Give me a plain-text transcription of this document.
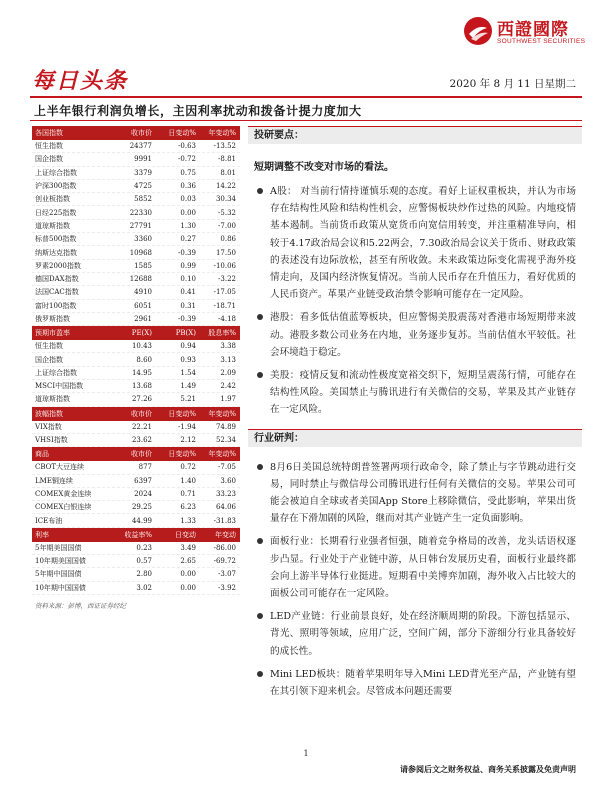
西證國際
SOUTHWEST SECURITIES
每日头条	2020 年 8 月 11 日星期二
上半年银行利润负增长，主因利率扰动和拨备计提力度加大
各国指数	收市价	日变动%	年变动%
恒生指数	24377	-0.63	-13.52
国企指数	9991	-0.72	-8.81
上证综合指数	3379	0.75	8.01
沪深300指数	4725	0.36	14.22
创业板指数	5852	0.03	30.34
日经225指数	22330	0.00	-5.32
道琼斯指数	27791	1.30	-7.00
标普500指数	3360	0.27	0.86
纳斯达克指数	10968	-0.39	17.50
罗素2000指数	1585	0.99	-10.06
德国DAX指数	12688	0.10	-3.22
法国CAC指数	4910	0.41	-17.05
富时100指数	6051	0.31	-18.71
俄罗斯指数	2961	-0.39	-4.18
预期市盈率	PE(X)	PB(X)	股息率%
恒生指数	10.43	0.94	3.38
国企指数	8.60	0.93	3.13
上证综合指数	14.95	1.54	2.09
MSCI中国指数	13.68	1.49	2.42
道琼斯指数	27.26	5.21	1.97
波幅指数	收市价	日变动%	年变动%
VIX指数	22.21	-1.94	74.89
VHSI指数	23.62	2.12	52.34
商品	收市价	日变动%	年变动%
CBOT大豆连续	877	0.72	-7.05
LME铜连续	6397	1.40	3.60
COMEX黄金连续	2024	0.71	33.23
COMEX白银连续	29.25	6.23	64.06
ICE布油	44.99	1.33	-31.83
利率	收益率%	日变动	年变动
5年期美国国债	0.23	3.49	-86.00
10年期美国国债	0.57	2.65	-69.72
5年期中国国债	2.80	0.00	-3.07
10年期中国国债	3.02	0.00	-3.92
资料来源：彭博，西证证券经纪
投研要点：
短期调整不改变对市场的看法。
A股： 对当前行情持谨慎乐观的态度。看好上证权重板块，并认为市场存在结构性风险和结构性机会，应警惕板块炒作过热的风险。内地疫情基本遏制。当前货币政策从宽货币向宽信用转变，并注重精准导向，相较于4.17政治局会议和5.22两会，7.30政治局会议关于货币、财政政策的表述没有边际放松，甚至有所收敛。未来政策边际变化需视乎海外疫情走向，及国内经济恢复情况。当前人民币存在升值压力，看好优质的人民币资产。革果产业链受政治禁令影响可能存在一定风险。
港股：看多低估值蓝筹板块，但应警惕美股震荡对香港市场短期带来波动。港股多数公司业务在内地，业务逐步复苏。当前估值水平较低。社会环境趋于稳定。
美股：疫情反复和流动性极度宽裕交织下，短期呈震荡行情，可能存在结构性风险。美国禁止与腾讯进行有关微信的交易，苹果及其产业链存在一定风险。
行业研判：
8月6日美国总统特朗普签署两项行政命令，除了禁止与字节跳动进行交易，同时禁止与微信母公司腾讯进行任何有关微信的交易。苹果公司可能会被迫自全球或者美国App Store上移除微信，受此影响，苹果出货量存在下滑加剧的风险，继而对其产业链产生一定负面影响。
面板行业：长期看行业强者恒强，随着竞争格局的改善，龙头话语权逐步凸显。行业处于产业链中游，从日韩台发展历史看，面板行业最终都会向上游半导体行业挺进。短期看中美博弈加剧，海外收入占比较大的面板公司可能存在一定风险。
LED产业链：行业前景良好，处在经济顺周期的阶段。下游包括显示、背光、照明等领域，应用广泛，空间广阔，部分下游细分行业具备较好的成长性。
Mini LED板块：随着苹果明年导入Mini LED背光至产品，产业链有望在其引领下迎来机会。尽管成本问题还需要
1
请参阅后文之财务权益、商务关系披露及免责声明
